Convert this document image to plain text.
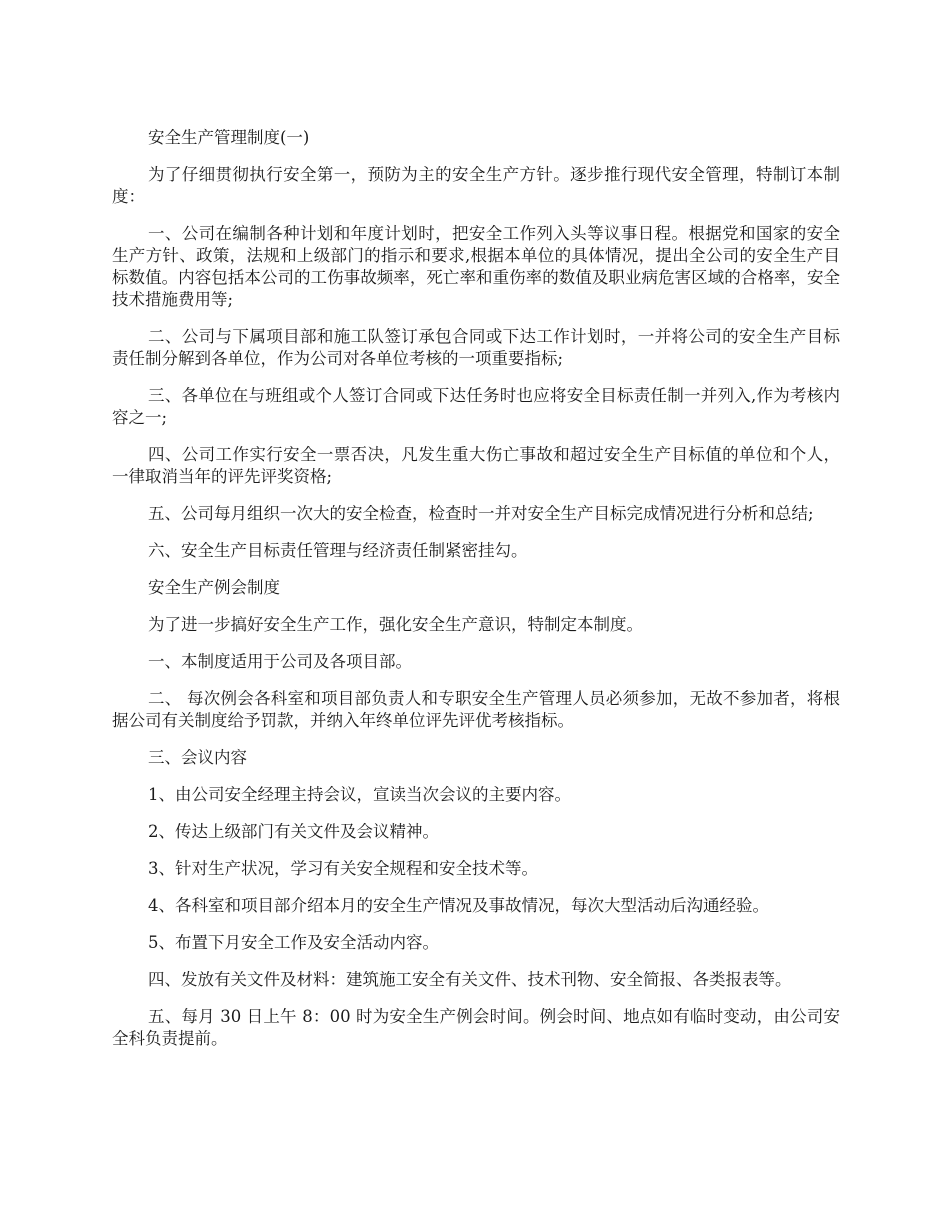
安全生产管理制度(一)

为了仔细贯彻执行安全第一，预防为主的安全生产方针。逐步推行现代安全管理，特制订本制度：

一、公司在编制各种计划和年度计划时，把安全工作列入头等议事日程。根据党和国家的安全生产方针、政策，法规和上级部门的指示和要求,根据本单位的具体情况，提出全公司的安全生产目标数值。内容包括本公司的工伤事故频率，死亡率和重伤率的数值及职业病危害区域的合格率，安全技术措施费用等;

二、公司与下属项目部和施工队签订承包合同或下达工作计划时，一并将公司的安全生产目标责任制分解到各单位，作为公司对各单位考核的一项重要指标;

三、各单位在与班组或个人签订合同或下达任务时也应将安全目标责任制一并列入,作为考核内容之一;

四、公司工作实行安全一票否决，凡发生重大伤亡事故和超过安全生产目标值的单位和个人，一律取消当年的评先评奖资格;

五、公司每月组织一次大的安全检查，检查时一并对安全生产目标完成情况进行分析和总结;

六、安全生产目标责任管理与经济责任制紧密挂勾。

安全生产例会制度

为了进一步搞好安全生产工作，强化安全生产意识，特制定本制度。

一、本制度适用于公司及各项目部。

二、 每次例会各科室和项目部负责人和专职安全生产管理人员必须参加，无故不参加者，将根据公司有关制度给予罚款，并纳入年终单位评先评优考核指标。

三、会议内容

1、由公司安全经理主持会议，宣读当次会议的主要内容。

2、传达上级部门有关文件及会议精神。

3、针对生产状况，学习有关安全规程和安全技术等。

4、各科室和项目部介绍本月的安全生产情况及事故情况，每次大型活动后沟通经验。

5、布置下月安全工作及安全活动内容。

四、发放有关文件及材料：建筑施工安全有关文件、技术刊物、安全简报、各类报表等。

五、每月 30 日上午 8：00 时为安全生产例会时间。例会时间、地点如有临时变动，由公司安全科负责提前。
